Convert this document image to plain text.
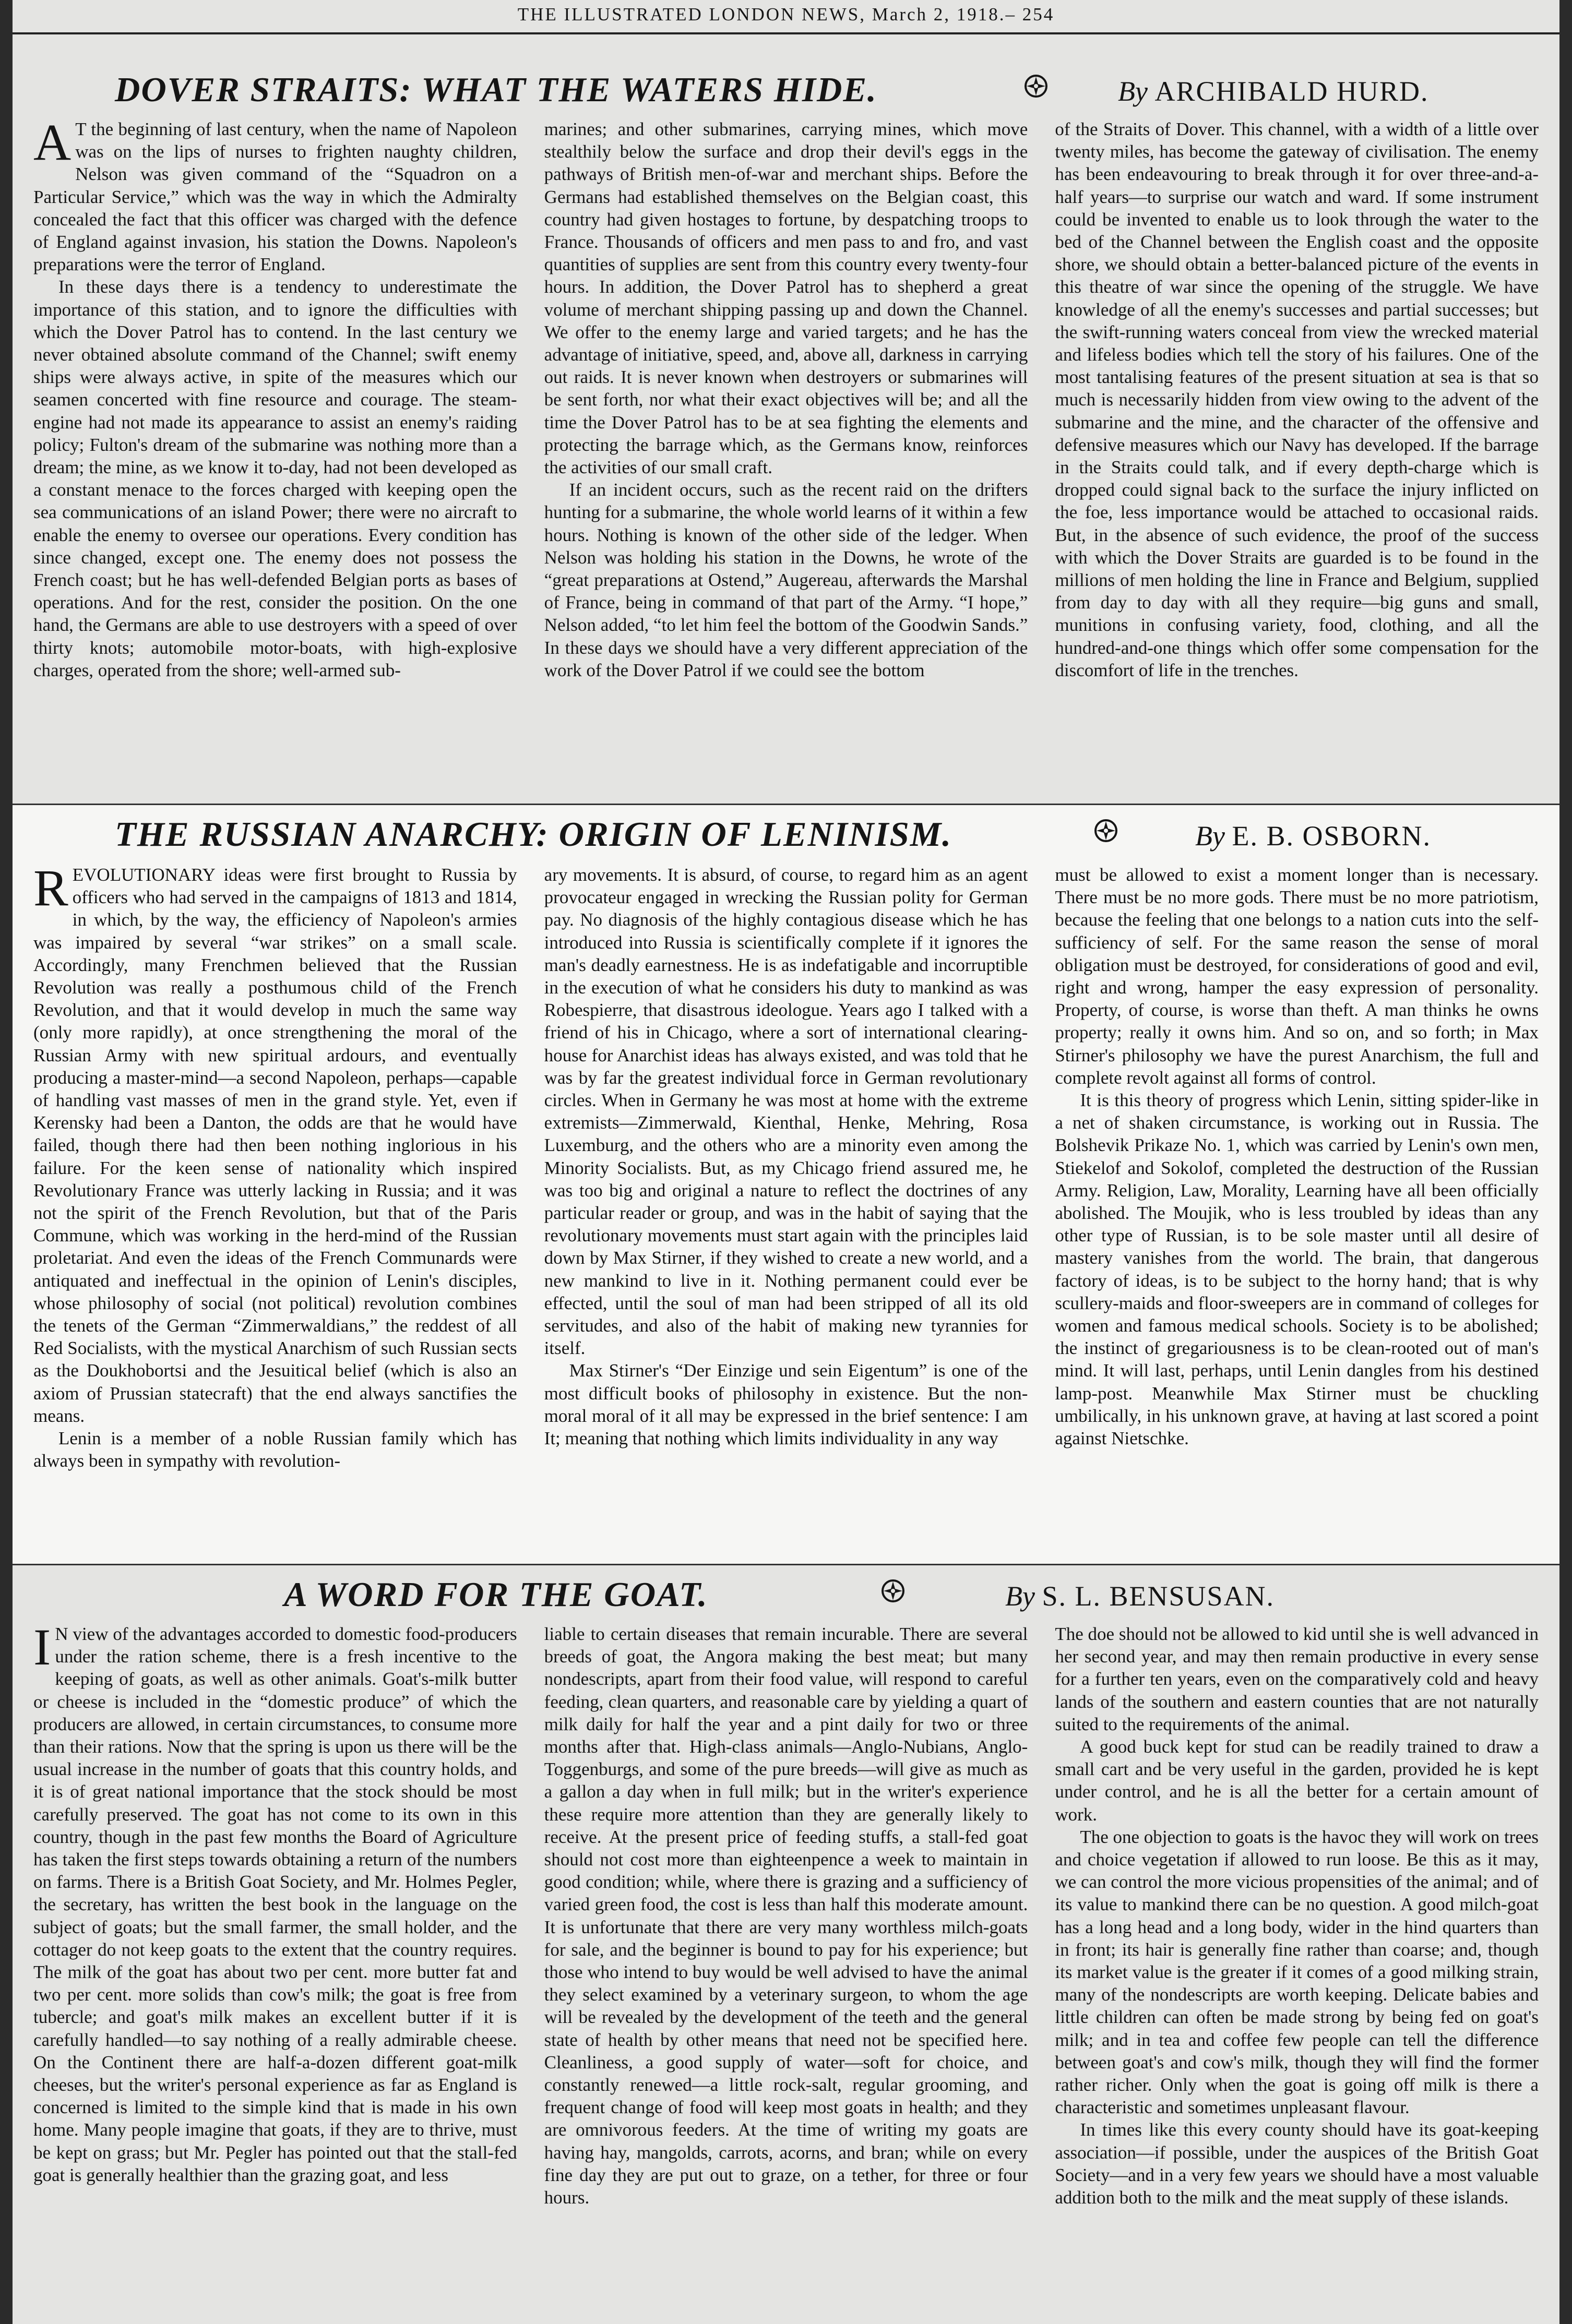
THE ILLUSTRATED LONDON NEWS, March 2, 1918.– 254
DOVER STRAITS: WHAT THE WATERS HIDE.	By ARCHIBALD HURD.
A T the beginning of last century, when the name of Napoleon was on the lips of nurses to frighten naughty children, Nelson was given command of the “Squadron on a Particular Service,” which was the way in which the Admiralty concealed the fact that this officer was charged with the defence of England against invasion, his station the Downs. Napoleon's preparations were the terror of England.

In these days there is a tendency to underestimate the importance of this station, and to ignore the difficulties with which the Dover Patrol has to contend. In the last century we never obtained absolute command of the Channel; swift enemy ships were always active, in spite of the measures which our seamen concerted with fine resource and courage. The steam-engine had not made its appearance to assist an enemy's raiding policy; Fulton's dream of the submarine was nothing more than a dream; the mine, as we know it to-day, had not been developed as a constant menace to the forces charged with keeping open the sea communications of an island Power; there were no aircraft to enable the enemy to oversee our operations. Every condition has since changed, except one. The enemy does not possess the French coast; but he has well-defended Belgian ports as bases of operations. And for the rest, consider the position. On the one hand, the Germans are able to use destroyers with a speed of over thirty knots; automobile motor-boats, with high-explosive charges, operated from the shore; well-armed sub-

marines; and other submarines, carrying mines, which move stealthily below the surface and drop their devil's eggs in the pathways of British men-of-war and merchant ships. Before the Germans had established themselves on the Belgian coast, this country had given hostages to fortune, by despatching troops to France. Thousands of officers and men pass to and fro, and vast quantities of supplies are sent from this country every twenty-four hours. In addition, the Dover Patrol has to shepherd a great volume of merchant shipping passing up and down the Channel. We offer to the enemy large and varied targets; and he has the advantage of initiative, speed, and, above all, darkness in carrying out raids. It is never known when destroyers or submarines will be sent forth, nor what their exact objectives will be; and all the time the Dover Patrol has to be at sea fighting the elements and protecting the barrage which, as the Germans know, reinforces the activities of our small craft.

If an incident occurs, such as the recent raid on the drifters hunting for a submarine, the whole world learns of it within a few hours. Nothing is known of the other side of the ledger. When Nelson was holding his station in the Downs, he wrote of the “great preparations at Ostend,” Augereau, afterwards the Marshal of France, being in command of that part of the Army. “I hope,” Nelson added, “to let him feel the bottom of the Goodwin Sands.” In these days we should have a very different appreciation of the work of the Dover Patrol if we could see the bottom

of the Straits of Dover. This channel, with a width of a little over twenty miles, has become the gateway of civilisation. The enemy has been endeavouring to break through it for over three-and-a-half years—to surprise our watch and ward. If some instrument could be invented to enable us to look through the water to the bed of the Channel between the English coast and the opposite shore, we should obtain a better-balanced picture of the events in this theatre of war since the opening of the struggle. We have knowledge of all the enemy's successes and partial successes; but the swift-running waters conceal from view the wrecked material and lifeless bodies which tell the story of his failures. One of the most tantalising features of the present situation at sea is that so much is necessarily hidden from view owing to the advent of the submarine and the mine, and the character of the offensive and defensive measures which our Navy has developed. If the barrage in the Straits could talk, and if every depth-charge which is dropped could signal back to the surface the injury inflicted on the foe, less importance would be attached to occasional raids. But, in the absence of such evidence, the proof of the success with which the Dover Straits are guarded is to be found in the millions of men holding the line in France and Belgium, supplied from day to day with all they require—big guns and small, munitions in confusing variety, food, clothing, and all the hundred-and-one things which offer some compensation for the discomfort of life in the trenches.

THE RUSSIAN ANARCHY: ORIGIN OF LENINISM.	By E. B. OSBORN.
R EVOLUTIONARY ideas were first brought to Russia by officers who had served in the campaigns of 1813 and 1814, in which, by the way, the efficiency of Napoleon's armies was impaired by several “war strikes” on a small scale. Accordingly, many Frenchmen believed that the Russian Revolution was really a posthumous child of the French Revolution, and that it would develop in much the same way (only more rapidly), at once strengthening the moral of the Russian Army with new spiritual ardours, and eventually producing a master-mind—a second Napoleon, perhaps—capable of handling vast masses of men in the grand style. Yet, even if Kerensky had been a Danton, the odds are that he would have failed, though there had then been nothing inglorious in his failure. For the keen sense of nationality which inspired Revolutionary France was utterly lacking in Russia; and it was not the spirit of the French Revolution, but that of the Paris Commune, which was working in the herd-mind of the Russian proletariat. And even the ideas of the French Communards were antiquated and ineffectual in the opinion of Lenin's disciples, whose philosophy of social (not political) revolution combines the tenets of the German “Zimmerwaldians,” the reddest of all Red Socialists, with the mystical Anarchism of such Russian sects as the Doukhobortsi and the Jesuitical belief (which is also an axiom of Prussian statecraft) that the end always sanctifies the means.

Lenin is a member of a noble Russian family which has always been in sympathy with revolution-

ary movements. It is absurd, of course, to regard him as an agent provocateur engaged in wrecking the Russian polity for German pay. No diagnosis of the highly contagious disease which he has introduced into Russia is scientifically complete if it ignores the man's deadly earnestness. He is as indefatigable and incorruptible in the execution of what he considers his duty to mankind as was Robespierre, that disastrous ideologue. Years ago I talked with a friend of his in Chicago, where a sort of international clearing-house for Anarchist ideas has always existed, and was told that he was by far the greatest individual force in German revolutionary circles. When in Germany he was most at home with the extreme extremists—Zimmerwald, Kienthal, Henke, Mehring, Rosa Luxemburg, and the others who are a minority even among the Minority Socialists. But, as my Chicago friend assured me, he was too big and original a nature to reflect the doctrines of any particular reader or group, and was in the habit of saying that the revolutionary movements must start again with the principles laid down by Max Stirner, if they wished to create a new world, and a new mankind to live in it. Nothing permanent could ever be effected, until the soul of man had been stripped of all its old servitudes, and also of the habit of making new tyrannies for itself.

Max Stirner's “Der Einzige und sein Eigentum” is one of the most difficult books of philosophy in existence. But the non-moral moral of it all may be expressed in the brief sentence: I am It; meaning that nothing which limits individuality in any way

must be allowed to exist a moment longer than is necessary. There must be no more gods. There must be no more patriotism, because the feeling that one belongs to a nation cuts into the self-sufficiency of self. For the same reason the sense of moral obligation must be destroyed, for considerations of good and evil, right and wrong, hamper the easy expression of personality. Property, of course, is worse than theft. A man thinks he owns property; really it owns him. And so on, and so forth; in Max Stirner's philosophy we have the purest Anarchism, the full and complete revolt against all forms of control.

It is this theory of progress which Lenin, sitting spider-like in a net of shaken circumstance, is working out in Russia. The Bolshevik Prikaze No. 1, which was carried by Lenin's own men, Stiekelof and Sokolof, completed the destruction of the Russian Army. Religion, Law, Morality, Learning have all been officially abolished. The Moujik, who is less troubled by ideas than any other type of Russian, is to be sole master until all desire of mastery vanishes from the world. The brain, that dangerous factory of ideas, is to be subject to the horny hand; that is why scullery-maids and floor-sweepers are in command of colleges for women and famous medical schools. Society is to be abolished; the instinct of gregariousness is to be clean-rooted out of man's mind. It will last, perhaps, until Lenin dangles from his destined lamp-post. Meanwhile Max Stirner must be chuckling umbilically, in his unknown grave, at having at last scored a point against Nietschke.

A WORD FOR THE GOAT.	By S. L. BENSUSAN.
I N view of the advantages accorded to domestic food-producers under the ration scheme, there is a fresh incentive to the keeping of goats, as well as other animals. Goat's-milk butter or cheese is included in the “domestic produce” of which the producers are allowed, in certain circumstances, to consume more than their rations. Now that the spring is upon us there will be the usual increase in the number of goats that this country holds, and it is of great national importance that the stock should be most carefully preserved. The goat has not come to its own in this country, though in the past few months the Board of Agriculture has taken the first steps towards obtaining a return of the numbers on farms. There is a British Goat Society, and Mr. Holmes Pegler, the secretary, has written the best book in the language on the subject of goats; but the small farmer, the small holder, and the cottager do not keep goats to the extent that the country requires. The milk of the goat has about two per cent. more butter fat and two per cent. more solids than cow's milk; the goat is free from tubercle; and goat's milk makes an excellent butter if it is carefully handled—to say nothing of a really admirable cheese. On the Continent there are half-a-dozen different goat-milk cheeses, but the writer's personal experience as far as England is concerned is limited to the simple kind that is made in his own home. Many people imagine that goats, if they are to thrive, must be kept on grass; but Mr. Pegler has pointed out that the stall-fed goat is generally healthier than the grazing goat, and less

liable to certain diseases that remain incurable. There are several breeds of goat, the Angora making the best meat; but many nondescripts, apart from their food value, will respond to careful feeding, clean quarters, and reasonable care by yielding a quart of milk daily for half the year and a pint daily for two or three months after that. High-class animals—Anglo-Nubians, Anglo-Toggenburgs, and some of the pure breeds—will give as much as a gallon a day when in full milk; but in the writer's experience these require more attention than they are generally likely to receive. At the present price of feeding stuffs, a stall-fed goat should not cost more than eighteenpence a week to maintain in good condition; while, where there is grazing and a sufficiency of varied green food, the cost is less than half this moderate amount. It is unfortunate that there are very many worthless milch-goats for sale, and the beginner is bound to pay for his experience; but those who intend to buy would be well advised to have the animal they select examined by a veterinary surgeon, to whom the age will be revealed by the development of the teeth and the general state of health by other means that need not be specified here. Cleanliness, a good supply of water—soft for choice, and constantly renewed—a little rock-salt, regular grooming, and frequent change of food will keep most goats in health; and they are omnivorous feeders. At the time of writing my goats are having hay, mangolds, carrots, acorns, and bran; while on every fine day they are put out to graze, on a tether, for three or four hours.

The doe should not be allowed to kid until she is well advanced in her second year, and may then remain productive in every sense for a further ten years, even on the comparatively cold and heavy lands of the southern and eastern counties that are not naturally suited to the requirements of the animal.

A good buck kept for stud can be readily trained to draw a small cart and be very useful in the garden, provided he is kept under control, and he is all the better for a certain amount of work.

The one objection to goats is the havoc they will work on trees and choice vegetation if allowed to run loose. Be this as it may, we can control the more vicious propensities of the animal; and of its value to mankind there can be no question. A good milch-goat has a long head and a long body, wider in the hind quarters than in front; its hair is generally fine rather than coarse; and, though its market value is the greater if it comes of a good milking strain, many of the nondescripts are worth keeping. Delicate babies and little children can often be made strong by being fed on goat's milk; and in tea and coffee few people can tell the difference between goat's and cow's milk, though they will find the former rather richer. Only when the goat is going off milk is there a characteristic and sometimes unpleasant flavour.

In times like this every county should have its goat-keeping association—if possible, under the auspices of the British Goat Society—and in a very few years we should have a most valuable addition both to the milk and the meat supply of these islands.
